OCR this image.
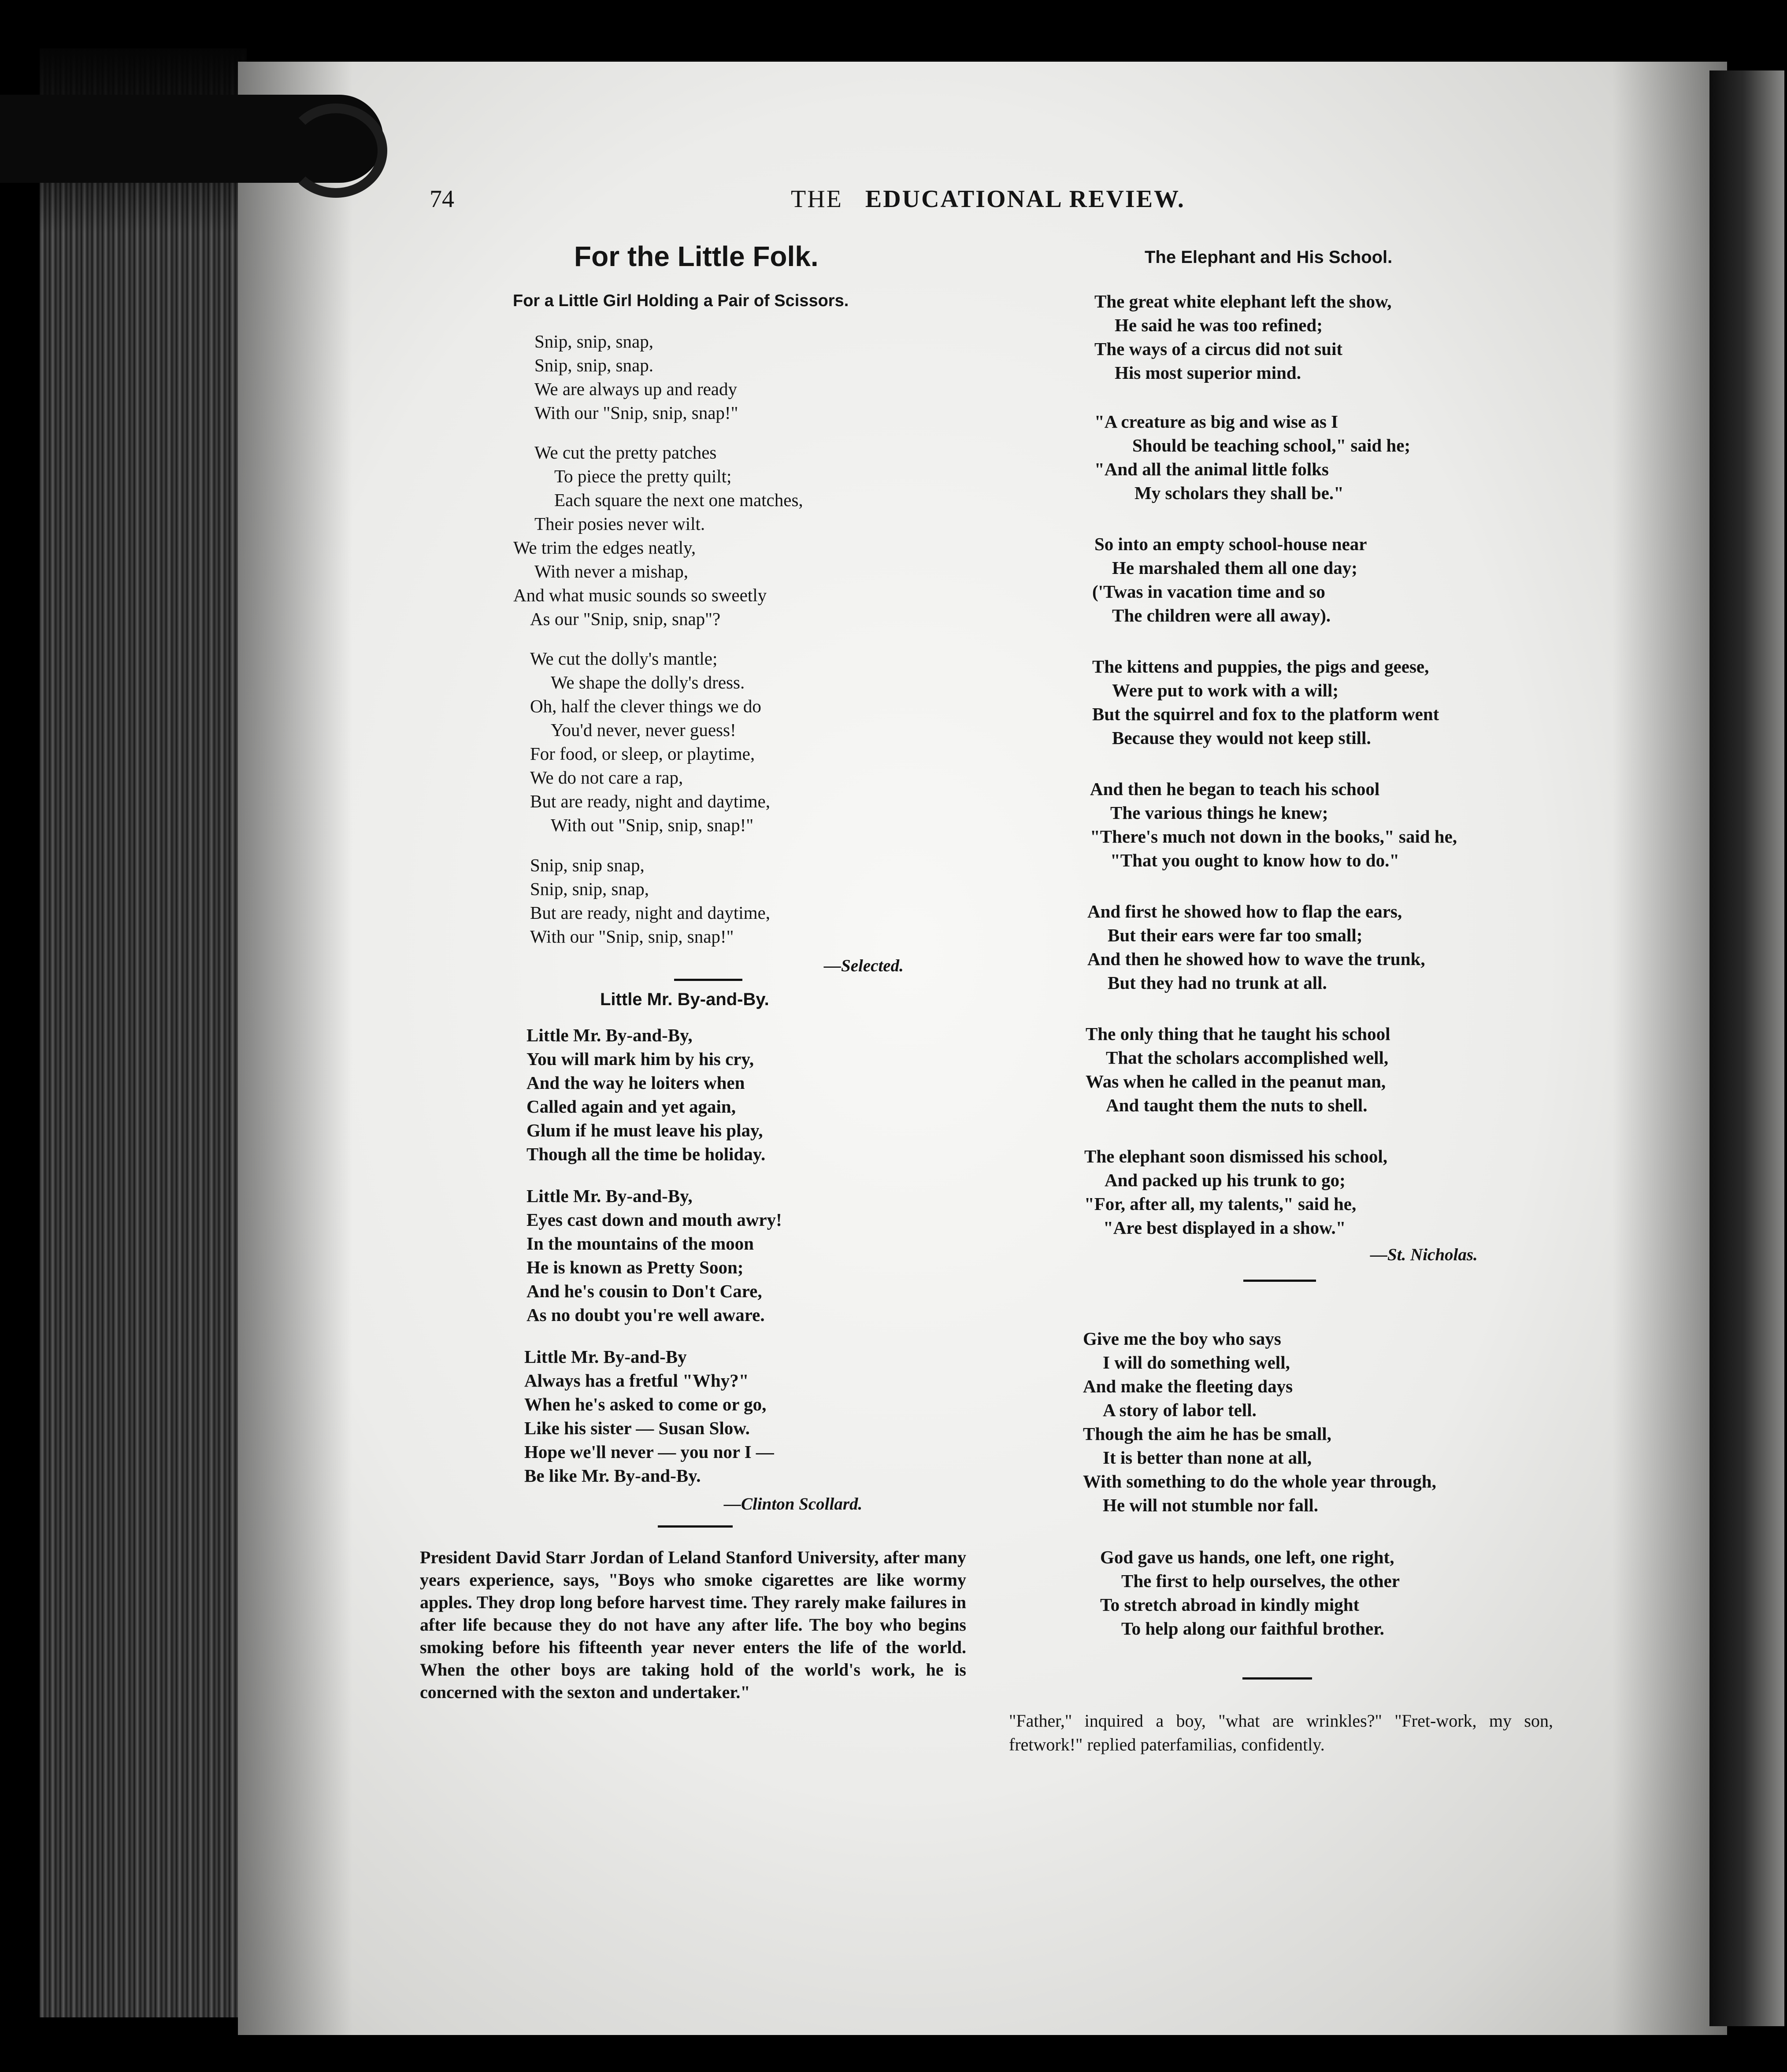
74	THE EDUCATIONAL REVIEW.
For the Little Folk.
For a Little Girl Holding a Pair of Scissors.
Snip, snip, snap,
Snip, snip, snap.
We are always up and ready
With our "Snip, snip, snap!"
We cut the pretty patches
To piece the pretty quilt;
Each square the next one matches,
Their posies never wilt.
We trim the edges neatly,
With never a mishap,
And what music sounds so sweetly
As our "Snip, snip, snap"?
We cut the dolly's mantle;
We shape the dolly's dress.
Oh, half the clever things we do
You'd never, never guess!
For food, or sleep, or playtime,
We do not care a rap,
But are ready, night and daytime,
With out "Snip, snip, snap!"
Snip, snip snap,
Snip, snip, snap,
But are ready, night and daytime,
With our "Snip, snip, snap!"
—Selected.
Little Mr. By-and-By.
Little Mr. By-and-By,
You will mark him by his cry,
And the way he loiters when
Called again and yet again,
Glum if he must leave his play,
Though all the time be holiday.
Little Mr. By-and-By,
Eyes cast down and mouth awry!
In the mountains of the moon
He is known as Pretty Soon;
And he's cousin to Don't Care,
As no doubt you're well aware.
Little Mr. By-and-By
Always has a fretful "Why?"
When he's asked to come or go,
Like his sister — Susan Slow.
Hope we'll never — you nor I —
Be like Mr. By-and-By.
—Clinton Scollard.
President David Starr Jordan of Leland Stanford University, after many years experience, says, "Boys who smoke cigarettes are like wormy apples. They drop long before harvest time. They rarely make failures in after life because they do not have any after life. The boy who begins smoking before his fifteenth year never enters the life of the world. When the other boys are taking hold of the world's work, he is concerned with the sexton and undertaker."
The Elephant and His School.
The great white elephant left the show,
He said he was too refined;
The ways of a circus did not suit
His most superior mind.
"A creature as big and wise as I
Should be teaching school," said he;
"And all the animal little folks
My scholars they shall be."
So into an empty school-house near
He marshaled them all one day;
('Twas in vacation time and so
The children were all away).
The kittens and puppies, the pigs and geese,
Were put to work with a will;
But the squirrel and fox to the platform went
Because they would not keep still.
And then he began to teach his school
The various things he knew;
"There's much not down in the books," said he,
"That you ought to know how to do."
And first he showed how to flap the ears,
But their ears were far too small;
And then he showed how to wave the trunk,
But they had no trunk at all.
The only thing that he taught his school
That the scholars accomplished well,
Was when he called in the peanut man,
And taught them the nuts to shell.
The elephant soon dismissed his school,
And packed up his trunk to go;
"For, after all, my talents," said he,
"Are best displayed in a show."
—St. Nicholas.
Give me the boy who says
I will do something well,
And make the fleeting days
A story of labor tell.
Though the aim he has be small,
It is better than none at all,
With something to do the whole year through,
He will not stumble nor fall.
God gave us hands, one left, one right,
The first to help ourselves, the other
To stretch abroad in kindly might
To help along our faithful brother.
"Father," inquired a boy, "what are wrinkles?" "Fret-work, my son, fretwork!" replied paterfamilias, confidently.
